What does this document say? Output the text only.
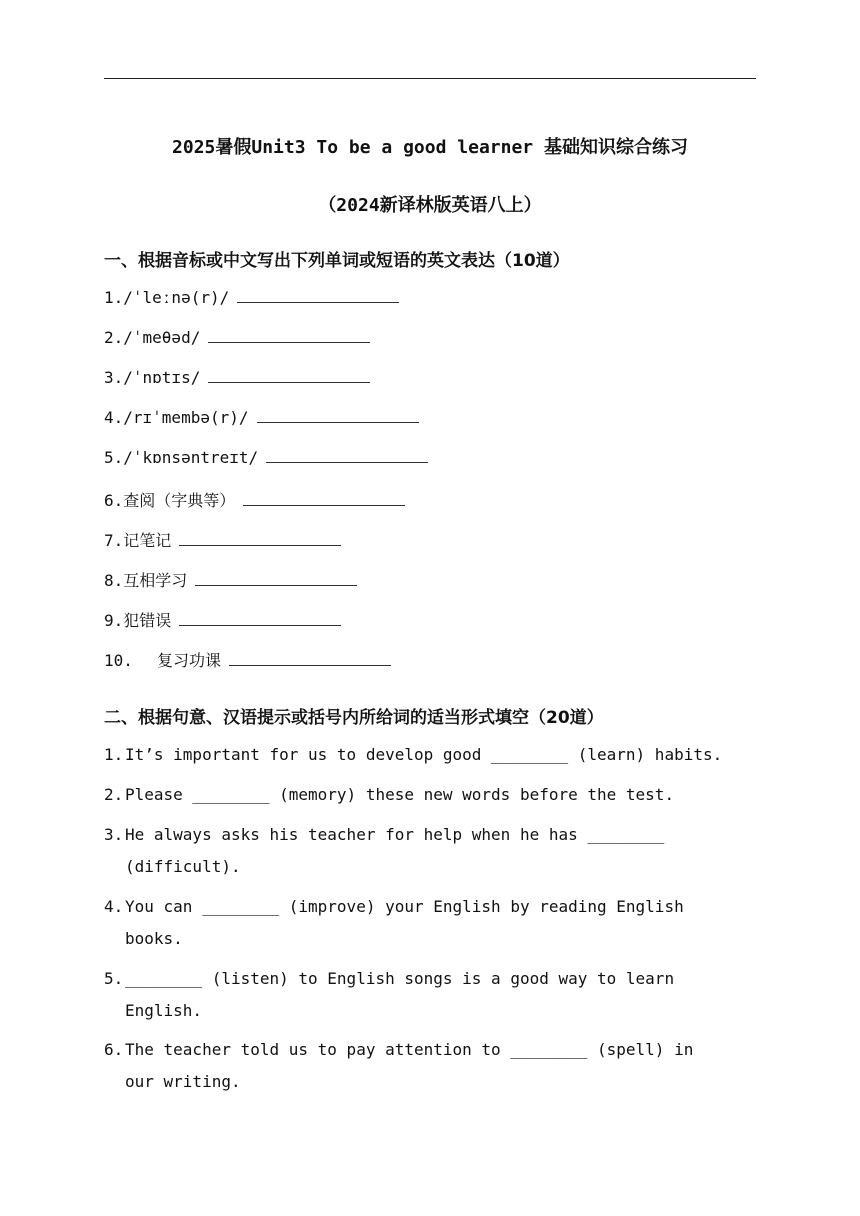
2025暑假Unit3 To be a good learner 基础知识综合练习
（2024新译林版英语八上）
一、根据音标或中文写出下列单词或短语的英文表达（10道）
1./ˈleːnə(r)/
2./ˈmeθəd/
3./ˈnɒtɪs/
4./rɪˈmembə(r)/
5./ˈkɒnsəntreɪt/
6.查阅（字典等）
7.记笔记
8.互相学习
9.犯错误
10. 复习功课
二、根据句意、汉语提示或括号内所给词的适当形式填空（20道）
1. It’s important for us to develop good ________ (learn) habits.
2. Please ________ (memory) these new words before the test.
3. He always asks his teacher for help when he has ________ (difficult).
4. You can ________ (improve) your English by reading English books.
5. ________ (listen) to English songs is a good way to learn English.
6. The teacher told us to pay attention to ________ (spell) in our writing.
